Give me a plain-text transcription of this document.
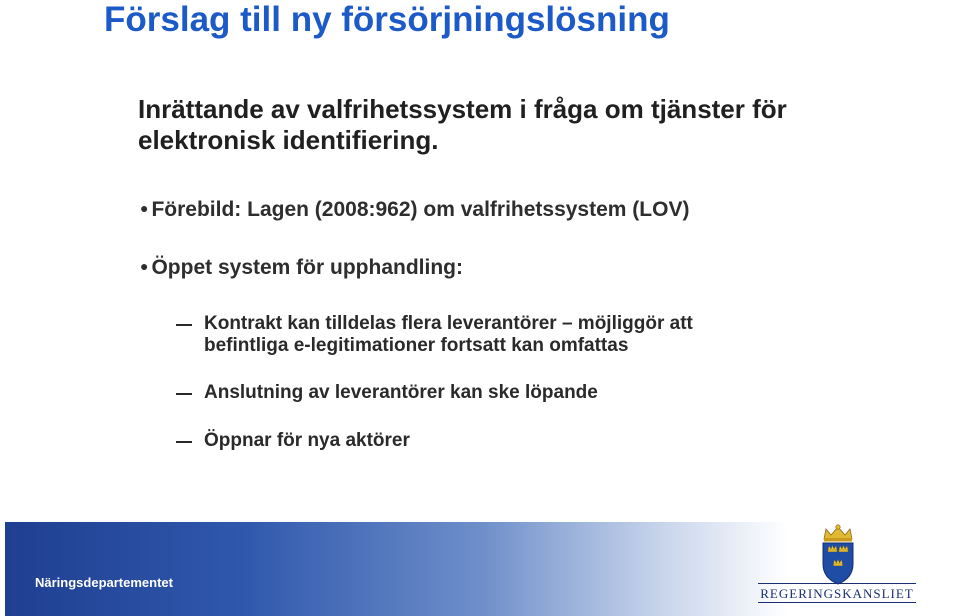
Förslag till ny försörjningslösning

Inrättande av valfrihetssystem i fråga om tjänster för elektronisk identifiering.

● Förebild: Lagen (2008:962) om valfrihetssystem (LOV)
● Öppet system för upphandling:
Kontrakt kan tilldelas flera leverantörer – möjliggör att
befintliga e-legitimationer fortsatt kan omfattas
Anslutning av leverantörer kan ske löpande
Öppnar för nya aktörer
Näringsdepartementet
REGERINGSKANSLIET
